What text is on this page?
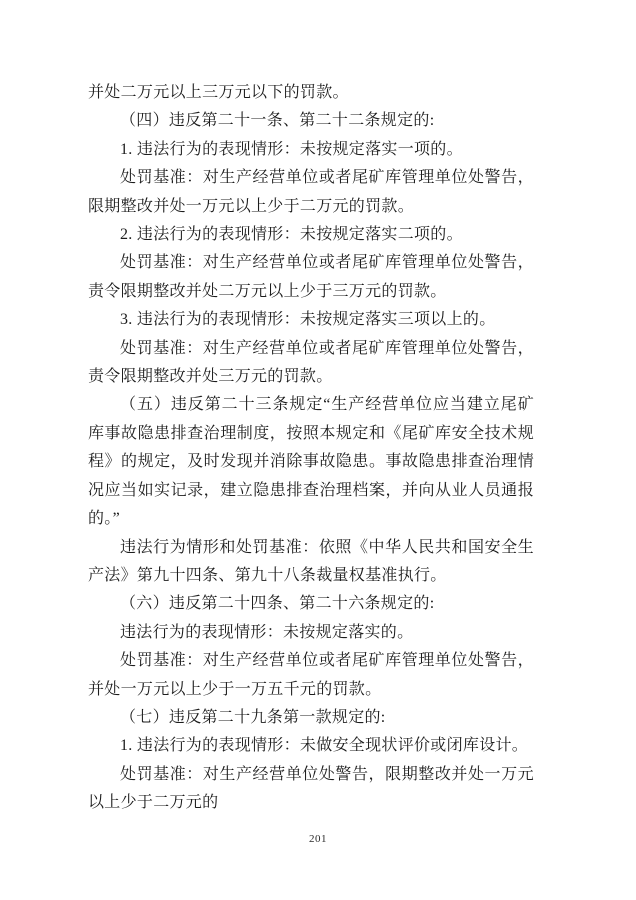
并处二万元以上三万元以下的罚款。

（四）违反第二十一条、第二十二条规定的:

1. 违法行为的表现情形：未按规定落实一项的。

处罚基准：对生产经营单位或者尾矿库管理单位处警告，限期整改并处一万元以上少于二万元的罚款。

2. 违法行为的表现情形：未按规定落实二项的。

处罚基准：对生产经营单位或者尾矿库管理单位处警告，责令限期整改并处二万元以上少于三万元的罚款。

3. 违法行为的表现情形：未按规定落实三项以上的。

处罚基准：对生产经营单位或者尾矿库管理单位处警告，责令限期整改并处三万元的罚款。

（五）违反第二十三条规定“生产经营单位应当建立尾矿库事故隐患排查治理制度，按照本规定和《尾矿库安全技术规程》的规定，及时发现并消除事故隐患。事故隐患排查治理情况应当如实记录，建立隐患排查治理档案，并向从业人员通报的。”

违法行为情形和处罚基准：依照《中华人民共和国安全生产法》第九十四条、第九十八条裁量权基准执行。

（六）违反第二十四条、第二十六条规定的:

违法行为的表现情形：未按规定落实的。

处罚基准：对生产经营单位或者尾矿库管理单位处警告，并处一万元以上少于一万五千元的罚款。

（七）违反第二十九条第一款规定的:

1. 违法行为的表现情形：未做安全现状评价或闭库设计。

处罚基准：对生产经营单位处警告，限期整改并处一万元以上少于二万元的

201
